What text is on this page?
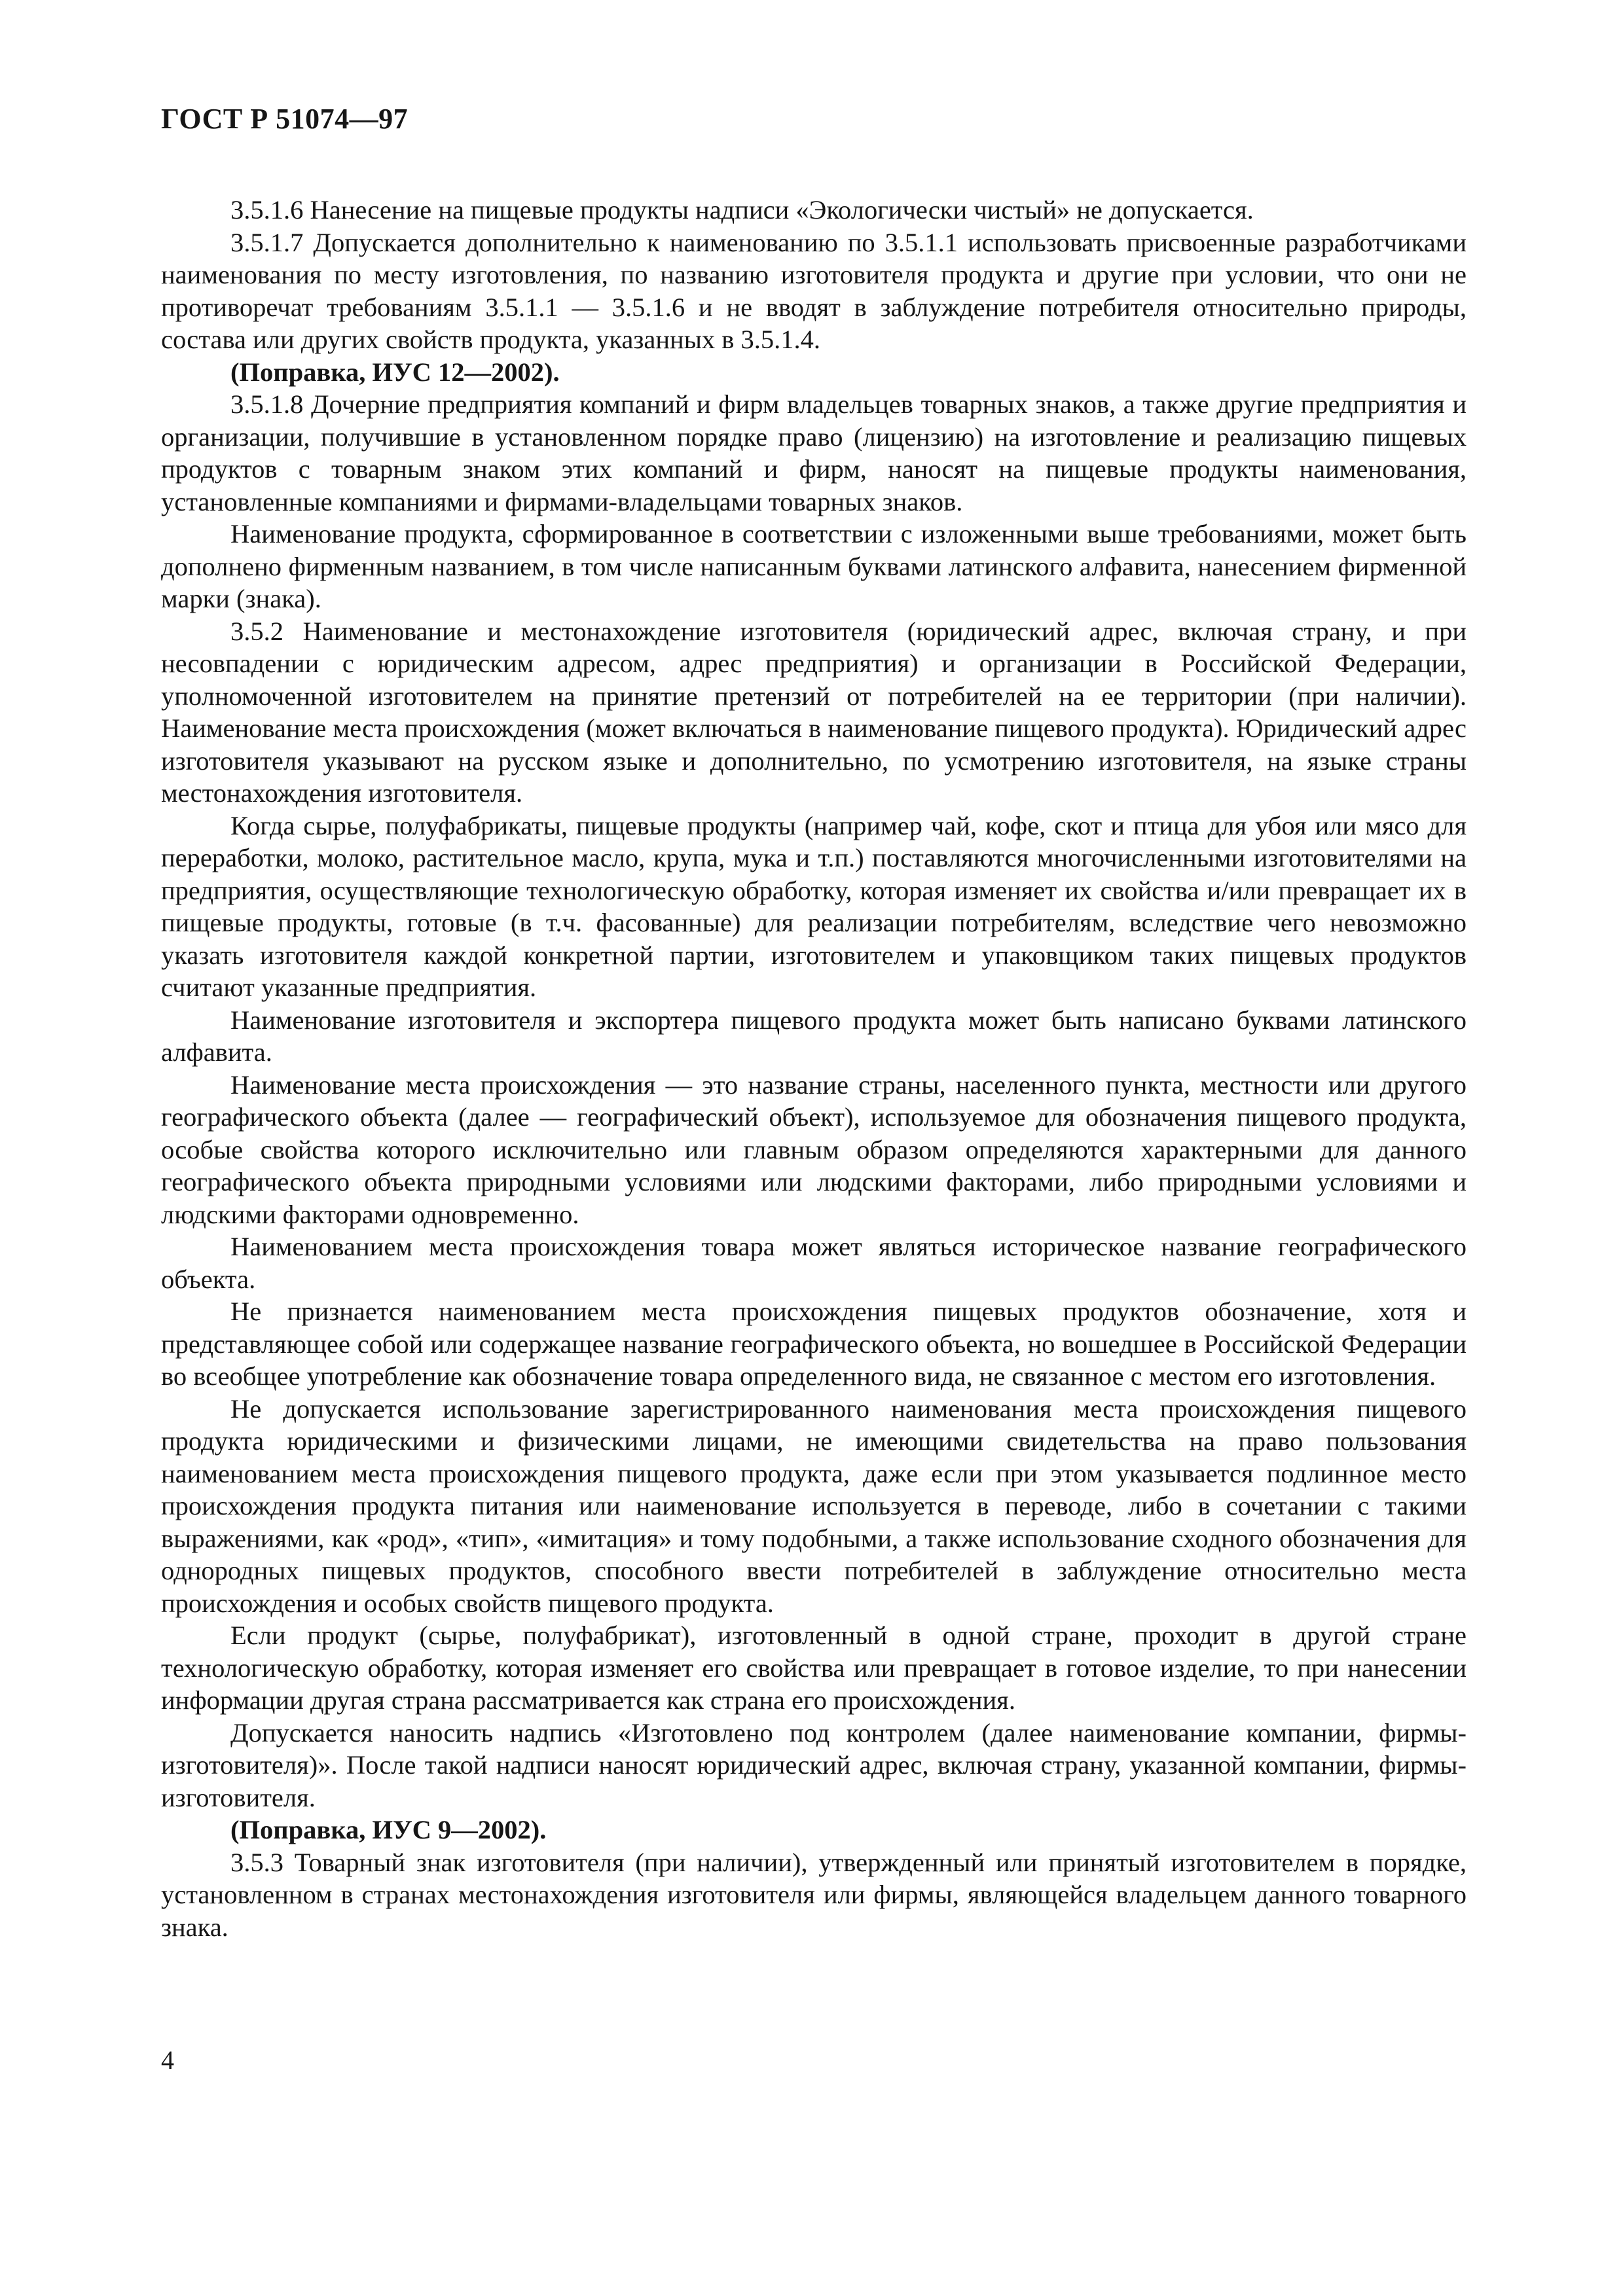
ГОСТ Р 51074—97

3.5.1.6 Нанесение на пищевые продукты надписи «Экологически чистый» не допускается.

3.5.1.7 Допускается дополнительно к наименованию по 3.5.1.1 использовать присвоенные разработчиками наименования по месту изготовления, по названию изготовителя продукта и другие при условии, что они не противоречат требованиям 3.5.1.1 — 3.5.1.6 и не вводят в заблуждение потребителя относительно природы, состава или других свойств продукта, указанных в 3.5.1.4.

(Поправка, ИУС 12—2002).

3.5.1.8 Дочерние предприятия компаний и фирм владельцев товарных знаков, а также другие предприятия и организации, получившие в установленном порядке право (лицензию) на изготовление и реализацию пищевых продуктов с товарным знаком этих компаний и фирм, наносят на пищевые продукты наименования, установленные компаниями и фирмами-владельцами товарных знаков.

Наименование продукта, сформированное в соответствии с изложенными выше требованиями, может быть дополнено фирменным названием, в том числе написанным буквами латинского алфавита, нанесением фирменной марки (знака).

3.5.2 Наименование и местонахождение изготовителя (юридический адрес, включая страну, и при несовпадении с юридическим адресом, адрес предприятия) и организации в Российской Федерации, уполномоченной изготовителем на принятие претензий от потребителей на ее территории (при наличии). Наименование места происхождения (может включаться в наименование пищевого продукта). Юридический адрес изготовителя указывают на русском языке и дополнительно, по усмотрению изготовителя, на языке страны местонахождения изготовителя.

Когда сырье, полуфабрикаты, пищевые продукты (например чай, кофе, скот и птица для убоя или мясо для переработки, молоко, растительное масло, крупа, мука и т.п.) поставляются многочисленными изготовителями на предприятия, осуществляющие технологическую обработку, которая изменяет их свойства и/или превращает их в пищевые продукты, готовые (в т.ч. фасованные) для реализации потребителям, вследствие чего невозможно указать изготовителя каждой конкретной партии, изготовителем и упаковщиком таких пищевых продуктов считают указанные предприятия.

Наименование изготовителя и экспортера пищевого продукта может быть написано буквами латинского алфавита.

Наименование места происхождения — это название страны, населенного пункта, местности или другого географического объекта (далее — географический объект), используемое для обозначения пищевого продукта, особые свойства которого исключительно или главным образом определяются характерными для данного географического объекта природными условиями или людскими факторами, либо природными условиями и людскими факторами одновременно.

Наименованием места происхождения товара может являться историческое название географического объекта.

Не признается наименованием места происхождения пищевых продуктов обозначение, хотя и представляющее собой или содержащее название географического объекта, но вошедшее в Российской Федерации во всеобщее употребление как обозначение товара определенного вида, не связанное с местом его изготовления.

Не допускается использование зарегистрированного наименования места происхождения пищевого продукта юридическими и физическими лицами, не имеющими свидетельства на право пользования наименованием места происхождения пищевого продукта, даже если при этом указывается подлинное место происхождения продукта питания или наименование используется в переводе, либо в сочетании с такими выражениями, как «род», «тип», «имитация» и тому подобными, а также использование сходного обозначения для однородных пищевых продуктов, способного ввести потребителей в заблуждение относительно места происхождения и особых свойств пищевого продукта.

Если продукт (сырье, полуфабрикат), изготовленный в одной стране, проходит в другой стране технологическую обработку, которая изменяет его свойства или превращает в готовое изделие, то при нанесении информации другая страна рассматривается как страна его происхождения.

Допускается наносить надпись «Изготовлено под контролем (далее наименование компании, фирмы-изготовителя)». После такой надписи наносят юридический адрес, включая страну, указанной компании, фирмы-изготовителя.

(Поправка, ИУС 9—2002).

3.5.3 Товарный знак изготовителя (при наличии), утвержденный или принятый изготовителем в порядке, установленном в странах местонахождения изготовителя или фирмы, являющейся владельцем данного товарного знака.

4
